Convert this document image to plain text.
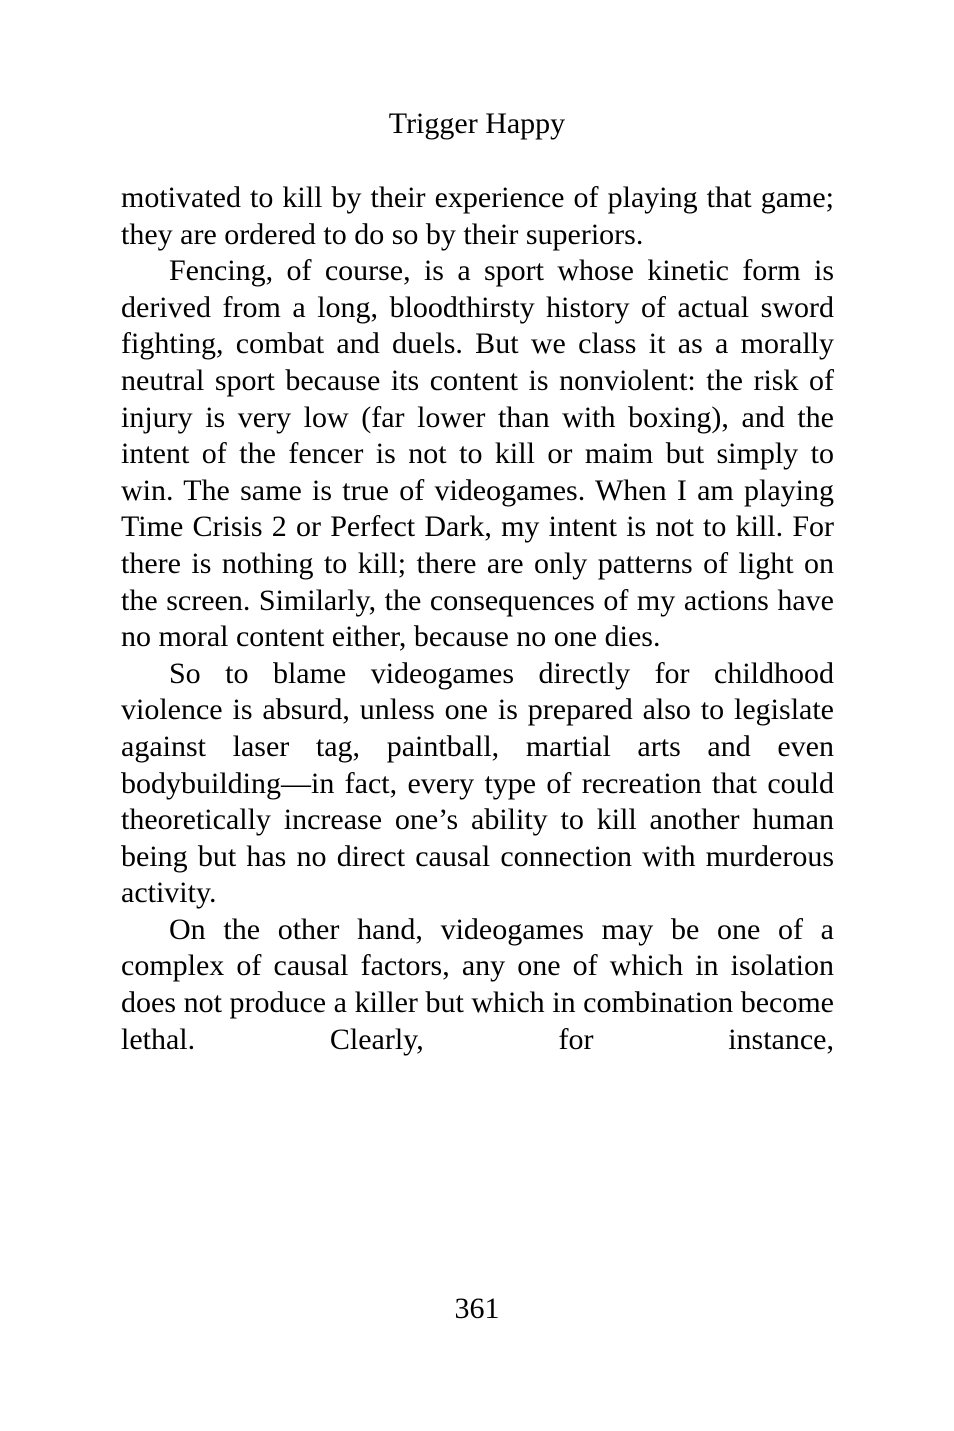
Trigger Happy

motivated to kill by their experience of playing that game; they are ordered to do so by their superiors.

Fencing, of course, is a sport whose kinetic form is derived from a long, bloodthirsty history of actual sword fighting, combat and duels. But we class it as a morally neutral sport because its content is nonviolent: the risk of injury is very low (far lower than with boxing), and the intent of the fencer is not to kill or maim but simply to win. The same is true of videogames. When I am playing Time Crisis 2 or Perfect Dark, my intent is not to kill. For there is nothing to kill; there are only patterns of light on the screen. Similarly, the consequences of my actions have no moral content either, because no one dies.

So to blame videogames directly for childhood violence is absurd, unless one is prepared also to legislate against laser tag, paintball, martial arts and even bodybuilding—in fact, every type of recreation that could theoretically increase one’s ability to kill another human being but has no direct causal connection with murderous activity.

On the other hand, videogames may be one of a complex of causal factors, any one of which in isolation does not produce a killer but which in combination become lethal. Clearly, for instance,

361
